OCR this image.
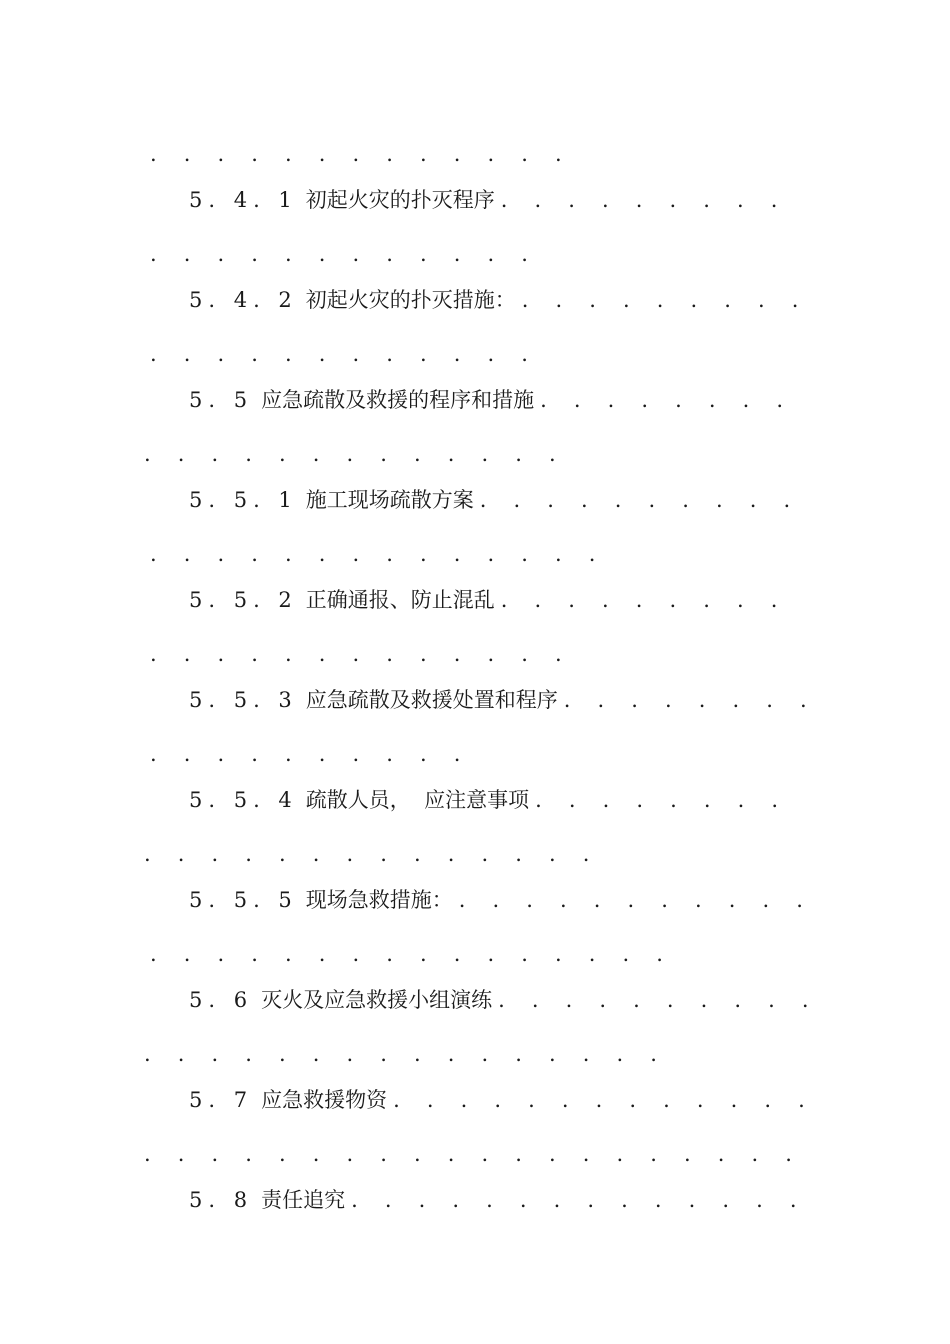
. . . . . . . . . . . . .
5. 4. 1 初起火灾的扑灭程序 . . . . . . . . .
. . . . . . . . . . . .
5. 4. 2 初起火灾的扑灭措施： . . . . . . . . .
. . . . . . . . . . . .
5. 5 应急疏散及救援的程序和措施 . . . . . . . .
. . . . . . . . . . . . .
5. 5. 1 施工现场疏散方案 . . . . . . . . . .
. . . . . . . . . . . . . .
5. 5. 2 正确通报、防止混乱 . . . . . . . . .
. . . . . . . . . . . . .
5. 5. 3 应急疏散及救援处置和程序 . . . . . . . .
. . . . . . . . . .
5. 5. 4 疏散人员，  应注意事项 . . . . . . . .
. . . . . . . . . . . . . .
5. 5. 5 现场急救措施： . . . . . . . . . . .
. . . . . . . . . . . . . . . .
5. 6 灭火及应急救援小组演练 . . . . . . . . . .
. . . . . . . . . . . . . . . .
5. 7 应急救援物资 . . . . . . . . . . . . .
. . . . . . . . . . . . . . . . . . . .
5. 8 责任追究 . . . . . . . . . . . . . .
